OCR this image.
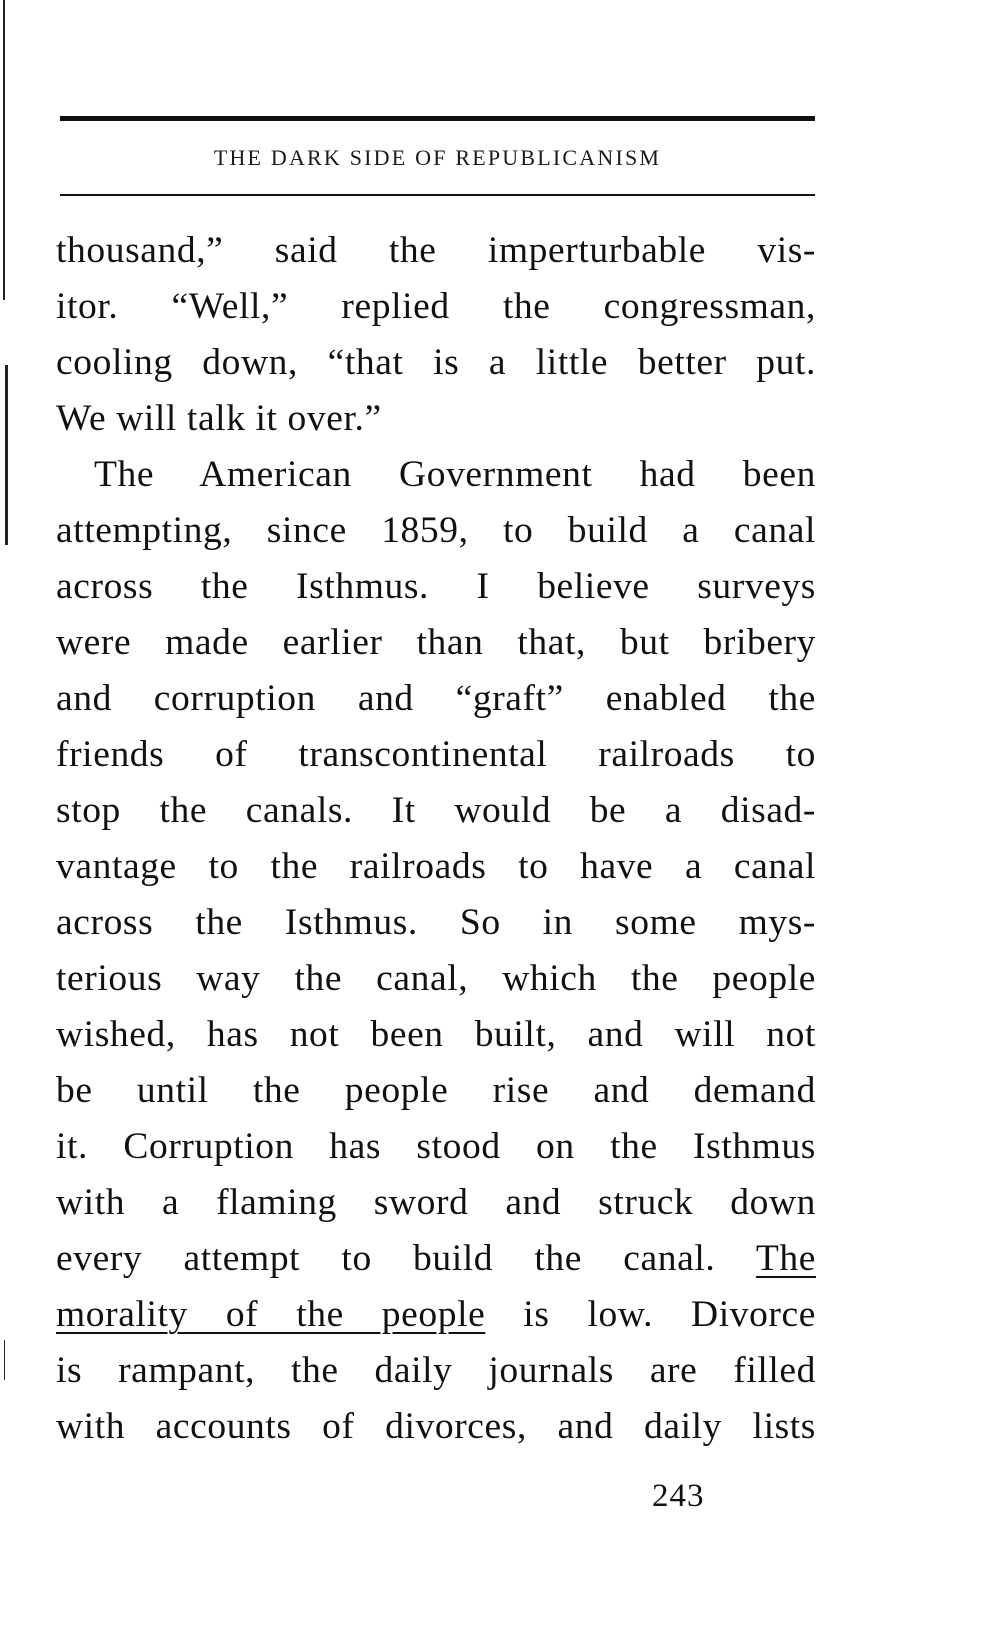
THE DARK SIDE OF REPUBLICANISM
thousand,” said the imperturbable vis-
itor. “Well,” replied the congressman,
cooling down, “that is a little better put.
We will talk it over.”
The American Government had been
attempting, since 1859, to build a canal
across the Isthmus. I believe surveys
were made earlier than that, but bribery
and corruption and “graft” enabled the
friends of transcontinental railroads to
stop the canals. It would be a disad-
vantage to the railroads to have a canal
across the Isthmus. So in some mys-
terious way the canal, which the people
wished, has not been built, and will not
be until the people rise and demand
it. Corruption has stood on the Isthmus
with a flaming sword and struck down
every attempt to build the canal. The
morality of the people is low. Divorce
is rampant, the daily journals are filled
with accounts of divorces, and daily lists
243
